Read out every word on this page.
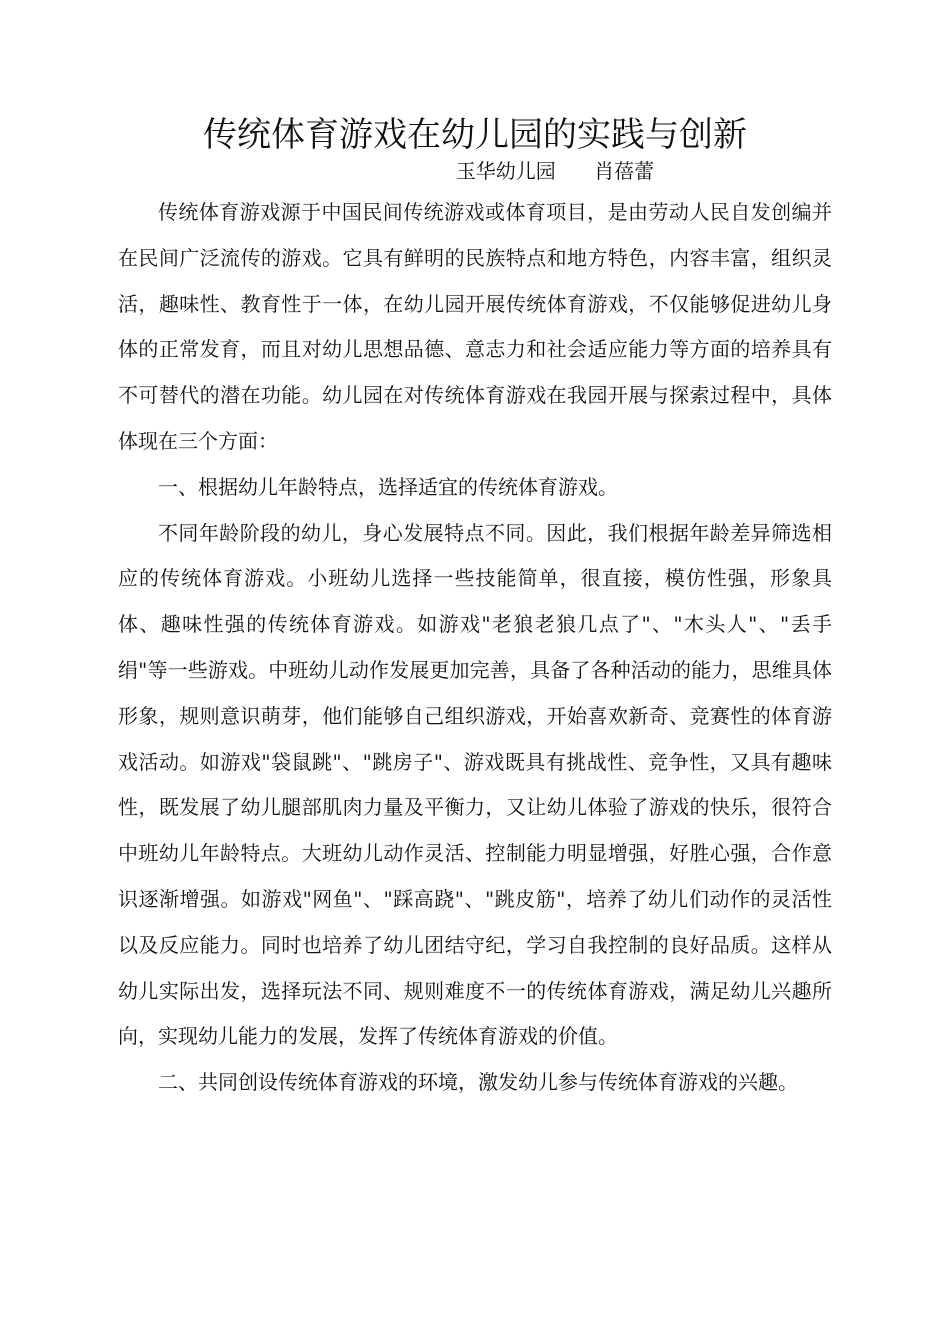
传统体育游戏在幼儿园的实践与创新
玉华幼儿园 肖蓓蕾

传统体育游戏源于中国民间传统游戏或体育项目，是由劳动人民自发创编并在民间广泛流传的游戏。它具有鲜明的民族特点和地方特色，内容丰富，组织灵活，趣味性、教育性于一体，在幼儿园开展传统体育游戏，不仅能够促进幼儿身体的正常发育，而且对幼儿思想品德、意志力和社会适应能力等方面的培养具有不可替代的潜在功能。幼儿园在对传统体育游戏在我园开展与探索过程中，具体体现在三个方面：

一、根据幼儿年龄特点，选择适宜的传统体育游戏。

不同年龄阶段的幼儿，身心发展特点不同。因此，我们根据年龄差异筛选相应的传统体育游戏。小班幼儿选择一些技能简单，很直接，模仿性强，形象具体、趣味性强的传统体育游戏。如游戏"老狼老狼几点了"、"木头人"、"丢手绢"等一些游戏。中班幼儿动作发展更加完善，具备了各种活动的能力，思维具体形象，规则意识萌芽，他们能够自己组织游戏，开始喜欢新奇、竞赛性的体育游戏活动。如游戏"袋鼠跳"、"跳房子"、游戏既具有挑战性、竞争性，又具有趣味性，既发展了幼儿腿部肌肉力量及平衡力，又让幼儿体验了游戏的快乐，很符合中班幼儿年龄特点。大班幼儿动作灵活、控制能力明显增强，好胜心强，合作意识逐渐增强。如游戏"网鱼"、"踩高跷"、"跳皮筋"，培养了幼儿们动作的灵活性以及反应能力。同时也培养了幼儿团结守纪，学习自我控制的良好品质。这样从幼儿实际出发，选择玩法不同、规则难度不一的传统体育游戏，满足幼儿兴趣所向，实现幼儿能力的发展，发挥了传统体育游戏的价值。

二、共同创设传统体育游戏的环境，激发幼儿参与传统体育游戏的兴趣。
